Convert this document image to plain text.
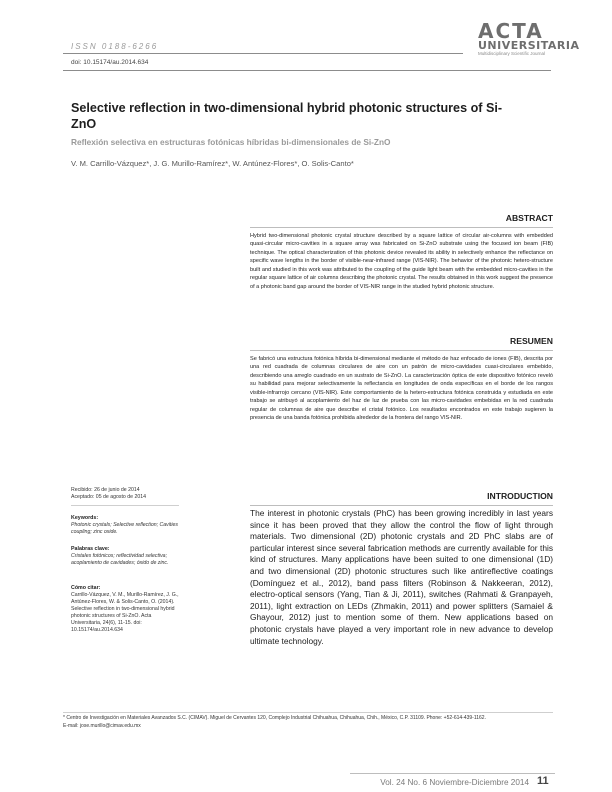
ISSN 0188-6266
doi: 10.15174/au.2014.634
ACTA
UNIVERSITARIA
Multidisciplinary Scientific Journal
Selective reflection in two-dimensional hybrid photonic structures of Si-ZnO
Reflexión selectiva en estructuras fotónicas híbridas bi-dimensionales de Si-ZnO
V. M. Carrillo-Vázquez*, J. G. Murillo-Ramírez*, W. Antúnez-Flores*, O. Solis-Canto*
ABSTRACT
Hybrid two-dimensional photonic crystal structure described by a square lattice of circular air-columns with embedded quasi-circular micro-cavities in a square array was fabricated on Si-ZnO substrate using the focused ion beam (FIB) technique. The optical characterization of this photonic device revealed its ability in selectively enhance the reflectance on specific wave lengths in the border of visible-near-infrared range (VIS-NIR). The behavior of the photonic hetero-structure built and studied in this work was attributed to the coupling of the guide light beam with the embedded micro-cavities in the regular square lattice of air columns describing the photonic crystal. The results obtained in this work suggest the presence of a photonic band gap around the border of VIS-NIR range in the studied hybrid photonic structure.
RESUMEN
Se fabricó una estructura fotónica híbrida bi-dimensional mediante el método de haz enfocado de iones (FIB), descrita por una red cuadrada de columnas circulares de aire con un patrón de micro-cavidades cuasi-circulares embebido, describiendo una arreglo cuadrado en un sustrato de Si-ZnO. La caracterización óptica de este dispositivo fotónico reveló su habilidad para mejorar selectivamente la reflectancia en longitudes de onda específicas en el borde de los rangos visible-infrarrojo cercano (VIS-NIR). Este comportamiento de la hetero-estructura fotónica construida y estudiada en este trabajo se atribuyó al acoplamiento del haz de luz de prueba con las micro-cavidades embebidas en la red cuadrada regular de columnas de aire que describe el cristal fotónico. Los resultados encontrados en este trabajo sugieren la presencia de una banda fotónica prohibida alrededor de la frontera del rango VIS-NIR.
Recibido: 26 de junio de 2014
Aceptado: 05 de agosto de 2014
Keywords:
Photonic crystals; Selective reflection; Cavities coupling; zinc oxide.
Palabras clave:
Cristales fotónicos; reflectividad selectiva; acoplamiento de cavidades; óxido de zinc.
Cómo citar:
Carrillo-Vázquez, V. M., Murillo-Ramírez, J. G., Antúnez-Flores, W. & Solis-Canto, O. (2014). Selective reflection in two-dimensional hybrid photonic structures of Si-ZnO. Acta Universitaria, 24(6), 11-15. doi: 10.15174/au.2014.634
INTRODUCTION
The interest in photonic crystals (PhC) has been growing incredibly in last years since it has been proved that they allow the control the flow of light through materials. Two dimensional (2D) photonic crystals and 2D PhC slabs are of particular interest since several fabrication methods are currently available for this kind of structures. Many applications have been suited to one dimensional (1D) and two dimensional (2D) photonic structures such like antireflective coatings (Domínguez et al., 2012), band pass filters (Robinson & Nakkeeran, 2012), electro-optical sensors (Yang, Tian & Ji, 2011), switches (Rahmati & Granpayeh, 2011), light extraction on LEDs (Zhmakin, 2011) and power splitters (Samaiel & Ghayour, 2012) just to mention some of them. New applications based on photonic crystals have played a very important role in new advance to develop ultimate technology.
* Centro de Investigación en Materiales Avanzados S.C. (CIMAV). Miguel de Cervantes 120, Complejo Industrial Chihuahua, Chihuahua, Chih., México, C.P. 31109. Phone: +52-614-439-1162.
E-mail: jose.murillo@cimav.edu.mx
Vol. 24 No. 6 Noviembre-Diciembre 2014 11
